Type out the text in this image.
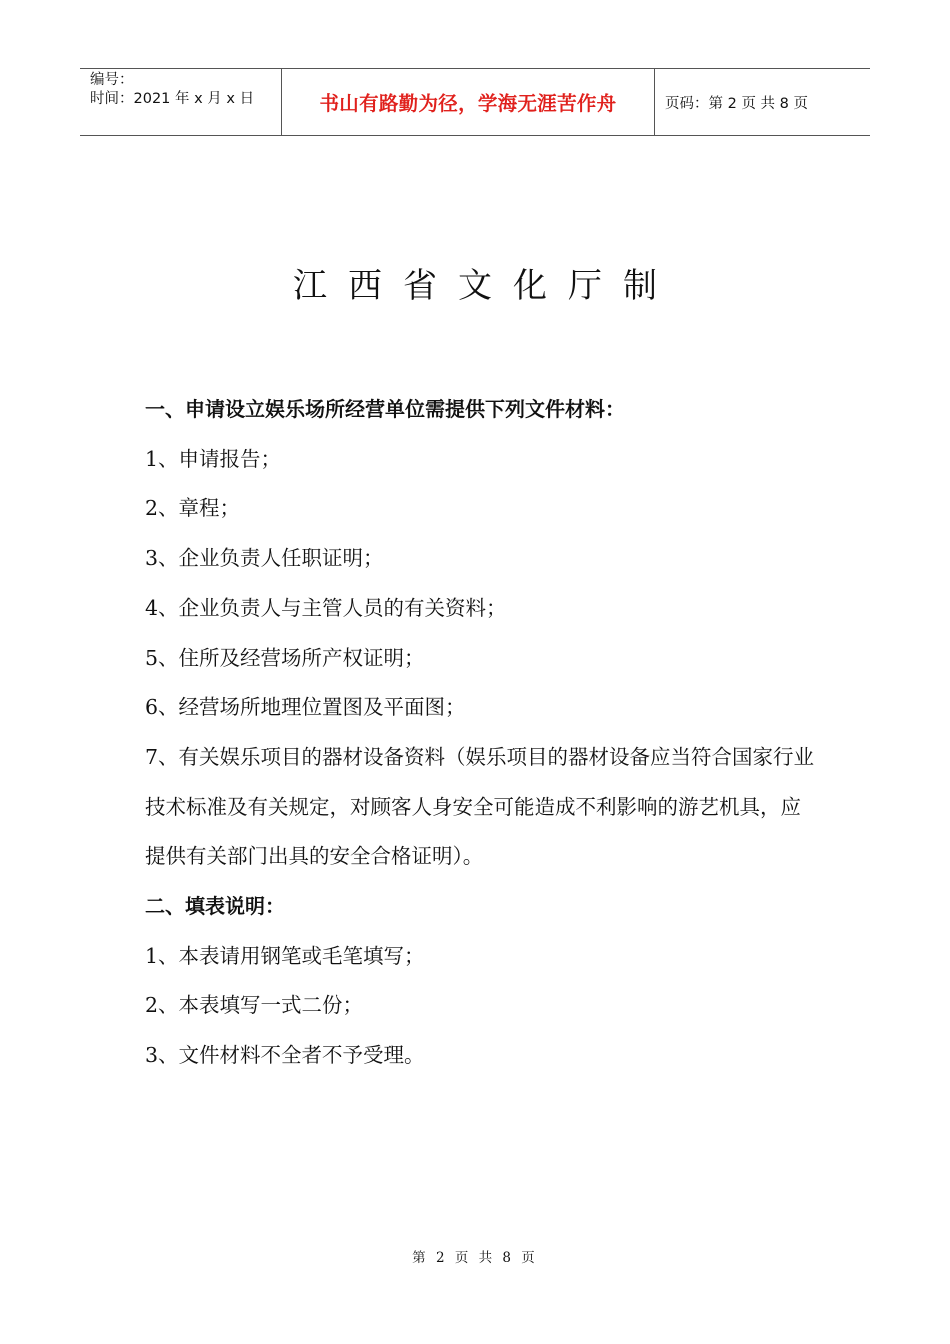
编号：
时间：2021 年 x 月 x 日	书山有路勤为径，学海无涯苦作舟	页码：第 2 页 共 8 页
江西省文化厅制

一、申请设立娱乐场所经营单位需提供下列文件材料：

1、申请报告；

2、章程；

3、企业负责人任职证明；

4、企业负责人与主管人员的有关资料；

5、住所及经营场所产权证明；

6、经营场所地理位置图及平面图；

7、有关娱乐项目的器材设备资料（娱乐项目的器材设备应当符合国家行业技术标准及有关规定，对顾客人身安全可能造成不利影响的游艺机具，应提供有关部门出具的安全合格证明）。

二、填表说明：

1、本表请用钢笔或毛笔填写；

2、本表填写一式二份；

3、文件材料不全者不予受理。

第 2 页 共 8 页
